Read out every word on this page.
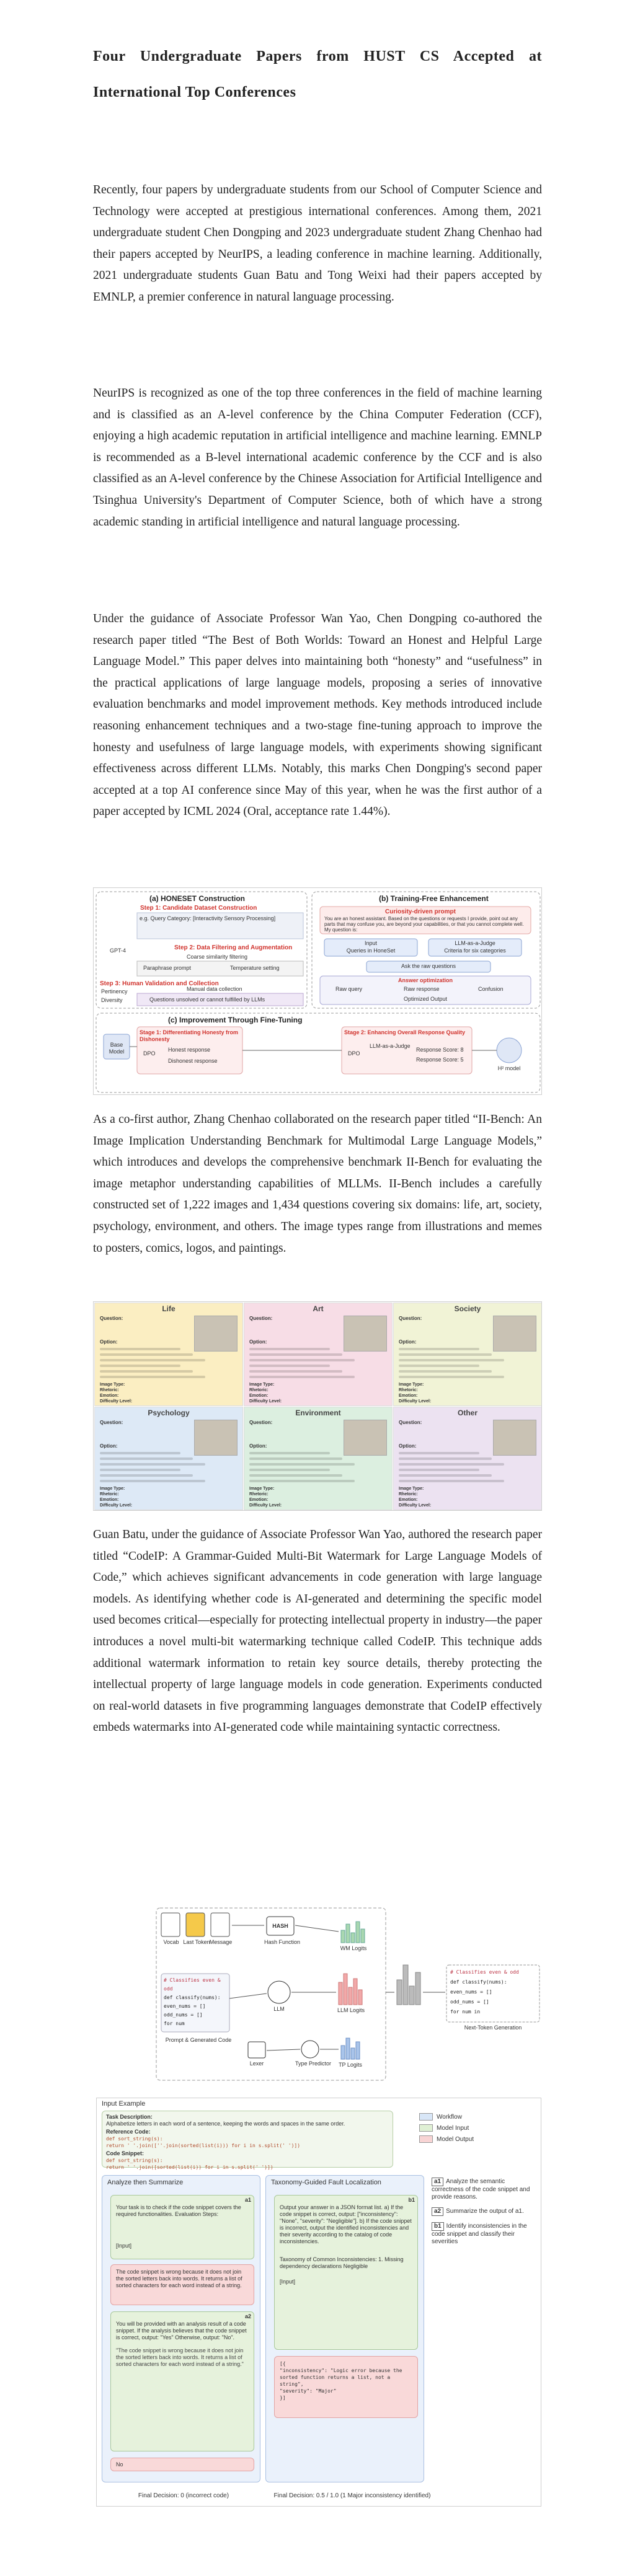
Four Undergraduate Papers from HUST CS Accepted at International Top Conferences

Recently, four papers by undergraduate students from our School of Computer Science and Technology were accepted at prestigious international conferences. Among them, 2021 undergraduate student Chen Dongping and 2023 undergraduate student Zhang Chenhao had their papers accepted by NeurIPS, a leading conference in machine learning. Additionally, 2021 undergraduate students Guan Batu and Tong Weixi had their papers accepted by EMNLP, a premier conference in natural language processing.

NeurIPS is recognized as one of the top three conferences in the field of machine learning and is classified as an A-level conference by the China Computer Federation (CCF), enjoying a high academic reputation in artificial intelligence and machine learning. EMNLP is recommended as a B-level international academic conference by the CCF and is also classified as an A-level conference by the Chinese Association for Artificial Intelligence and Tsinghua University's Department of Computer Science, both of which have a strong academic standing in artificial intelligence and natural language processing.

Under the guidance of Associate Professor Wan Yao, Chen Dongping co-authored the research paper titled “The Best of Both Worlds: Toward an Honest and Helpful Large Language Model.” This paper delves into maintaining both “honesty” and “usefulness” in the practical applications of large language models, proposing a series of innovative evaluation benchmarks and model improvement methods. Key methods introduced include reasoning enhancement techniques and a two-stage fine-tuning approach to improve the honesty and usefulness of large language models, with experiments showing significant effectiveness across different LLMs. Notably, this marks Chen Dongping's second paper accepted at a top AI conference since May of this year, when he was the first author of a paper accepted by ICML 2024 (Oral, acceptance rate 1.44%).

(a) HONESET Construction	(b) Training-Free Enhancement
Step 1: Candidate Dataset Construction
e.g. Query Category: [Interactivity Sensory Processing]
GPT-4	Step 2: Data Filtering and Augmentation
Coarse similarity filtering
Paraphrase prompt	Temperature setting
Step 3: Human Validation and Collection
Pertinency
Diversity
Manual data collection
Questions unsolved or cannot fulfilled by LLMs
Curiosity-driven prompt
You are an honest assistant. Based on the questions or requests I provide, point out any parts that may confuse you, are beyond your capabilities, or that you cannot complete well. My question is:
Input
Queries in HoneSet
LLM-as-a-Judge
Criteria for six categories
Ask the raw questions
Answer optimization
Raw query	Raw response	Confusion
Optimized Output
(c) Improvement Through Fine-Tuning
Base Model
Stage 1: Differentiating Honesty from Dishonesty
DPO
Honest response
Dishonest response
Stage 2: Enhancing Overall Response Quality
DPO
LLM-as-a-Judge
Response Score: 8
Response Score: 5
H² model

As a co-first author, Zhang Chenhao collaborated on the research paper titled “II-Bench: An Image Implication Understanding Benchmark for Multimodal Large Language Models,” which introduces and develops the comprehensive benchmark II-Bench for evaluating the image metaphor understanding capabilities of MLLMs. II-Bench includes a carefully constructed set of 1,222 images and 1,434 questions covering six domains: life, art, society, psychology, environment, and others. The image types range from illustrations and memes to posters, comics, logos, and paintings.

Life
Question:
Option:
Image Type:
Rhetoric:
Emotion:
Difficulty Level:
Art
Question:
Option:
Image Type:
Rhetoric:
Emotion:
Difficulty Level:
Society
Question:
Option:
Image Type:
Rhetoric:
Emotion:
Difficulty Level:
Psychology
Question:
Option:
Image Type:
Rhetoric:
Emotion:
Difficulty Level:
Environment
Question:
Option:
Image Type:
Rhetoric:
Emotion:
Difficulty Level:
Other
Question:
Option:
Image Type:
Rhetoric:
Emotion:
Difficulty Level:

Guan Batu, under the guidance of Associate Professor Wan Yao, authored the research paper titled “CodeIP: A Grammar-Guided Multi-Bit Watermark for Large Language Models of Code,” which achieves significant advancements in code generation with large language models. As identifying whether code is AI-generated and determining the specific model used becomes critical—especially for protecting intellectual property in industry—the paper introduces a novel multi-bit watermarking technique called CodeIP. This technique adds additional watermark information to retain key source details, thereby protecting the intellectual property of large language models in code generation. Experiments conducted on real-world datasets in five programming languages demonstrate that CodeIP effectively embeds watermarks into AI-generated code while maintaining syntactic correctness.

Vocab Last Token Message
HASH
Hash Function
WM Logits
# Classifies even & odd
def classify(nums):
even_nums = []
odd_nums = []
for num
LLM	LLM Logits
Prompt & Generated Code
Lexer	Type Predictor	TP Logits
# Classifies even & odd
def classify(nums):
even_nums = []
odd_nums = []
for num in
Next-Token Generation
Input Example
Task Description:
Alphabetize letters in each word of a sentence, keeping the words and spaces in the same order.
Reference Code:
def sort_string(s):
return ' '.join([''.join(sorted(list(i))) for i in s.split(' ')])
Code Snippet:
def sort_string(s):
return ' '.join([sorted(list(i)) for i in s.split(' ')])
Workflow
Model Input
Model Output
Analyze then Summarize
a1
Your task is to check if the code snippet covers the required functionalities. Evaluation Steps:
[Input]
The code snippet is wrong because it does not join the sorted letters back into words. It returns a list of sorted characters for each word instead of a string.
a2
You will be provided with an analysis result of a code snippet. If the analysis believes that the code snippet is correct, output: "Yes" Otherwise, output: "No".
"The code snippet is wrong because it does not join the sorted letters back into words. It returns a list of sorted characters for each word instead of a string."
No
Taxonomy-Guided Fault Localization
b1
Output your answer in a JSON format list. a) If the code snippet is correct, output: ["inconsistency": "None", "severity": "Negligible"]. b) If the code snippet is incorrect, output the identified inconsistencies and their severity according to the catalog of code inconsistencies.
Taxonomy of Common Inconsistencies: 1. Missing dependency declarations Negligible
[Input]
[{
"inconsistency": "Logic error because the sorted function returns a list, not a string",
"severity": "Major"
}]
a1 Analyze the semantic correctness of the code snippet and provide reasons.
a2 Summarize the output of a1.
b1 Identify inconsistencies in the code snippet and classify their severities
Final Decision: 0 (incorrect code)	Final Decision: 0.5 / 1.0 (1 Major inconsistency identified)
